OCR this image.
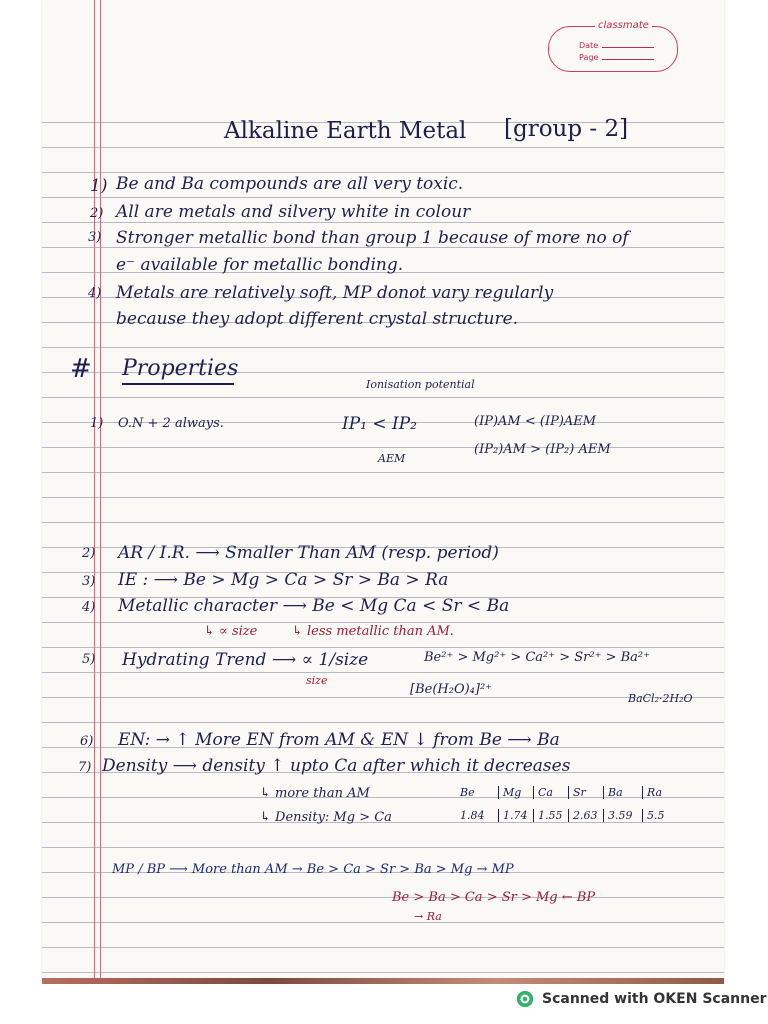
classmate
Date
Page
Alkaline Earth Metal [group - 2]
1) Be and Ba compounds are all very toxic.
2) All are metals and silvery white in colour
3) Stronger metallic bond than group 1 because of more no of
e⁻ available for metallic bonding.
4) Metals are relatively soft, MP donot vary regularly
because they adopt different crystal structure.
# Properties
Ionisation potential
1) O.N + 2 always.	IP₁ < IP₂
AEM
(IP)AM < (IP)AEM
(IP₂)AM > (IP₂) AEM
2) AR / I.R. ⟶ Smaller Than AM (resp. period)
3) IE : ⟶ Be > Mg > Ca > Sr > Ba > Ra
4) Metallic character ⟶ Be < Mg Ca < Sr < Ba
↳ ∝ size	↳ less metallic than AM.
5) Hydrating Trend ⟶ ∝ 1/size
size
Be²⁺ > Mg²⁺ > Ca²⁺ > Sr²⁺ > Ba²⁺
[Be(H₂O)₄]²⁺
BaCl₂·2H₂O
6) EN: → ↑ More EN from AM & EN ↓ from Be ⟶ Ba
7) Density ⟶ density ↑ upto Ca after which it decreases
↳ more than AM
↳ Density: Mg > Ca
Be	Mg	Ca	Sr	Ba	Ra
1.84	1.74 1.55 2.63 3.59	5.5
MP / BP ⟶ More than AM → Be > Ca > Sr > Ba > Mg → MP
Be > Ba > Ca > Sr > Mg ← BP
→ Ra
Scanned with OKEN Scanner
